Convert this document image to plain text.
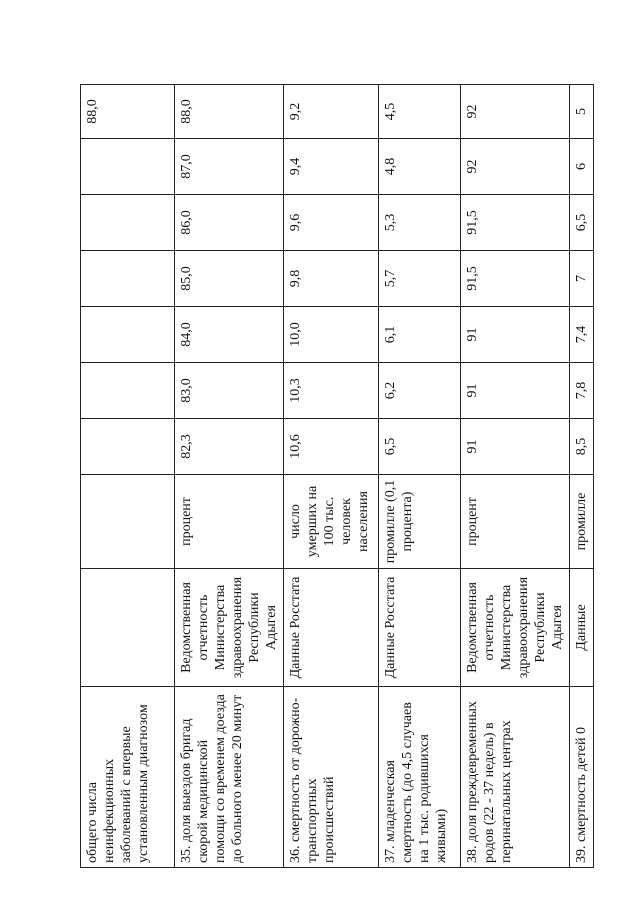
общего числа неинфекционных заболеваний с впервые установленным диагнозом									88,0
35. доля выездов бригад скорой медицинской помощи со временем доезда до больного менее 20 минут	Ведомственная отчетность Министерства здравоохранения Республики Адыгея	процент	82,3	83,0	84,0	85,0	86,0	87,0	88,0
36. смертность от дорожно-транспортных происшествий	Данные Росстата	число умерших на 100 тыс. человек населения	10,6	10,3	10,0	9,8	9,6	9,4	9,2
37. младенческая смертность (до 4,5 случаев на 1 тыс. родившихся живыми)	Данные Росстата	промилле (0,1 процента)	6,5	6,2	6,1	5,7	5,3	4,8	4,5
38. доля преждевременных родов (22 - 37 недель) в перинатальных центрах	Ведомственная отчетность Министерства здравоохранения Республики Адыгея	процент	91	91	91	91,5	91,5	92	92
39. смертность детей 0	Данные	промилле	8,5	7,8	7,4	7	6,5	6	5
